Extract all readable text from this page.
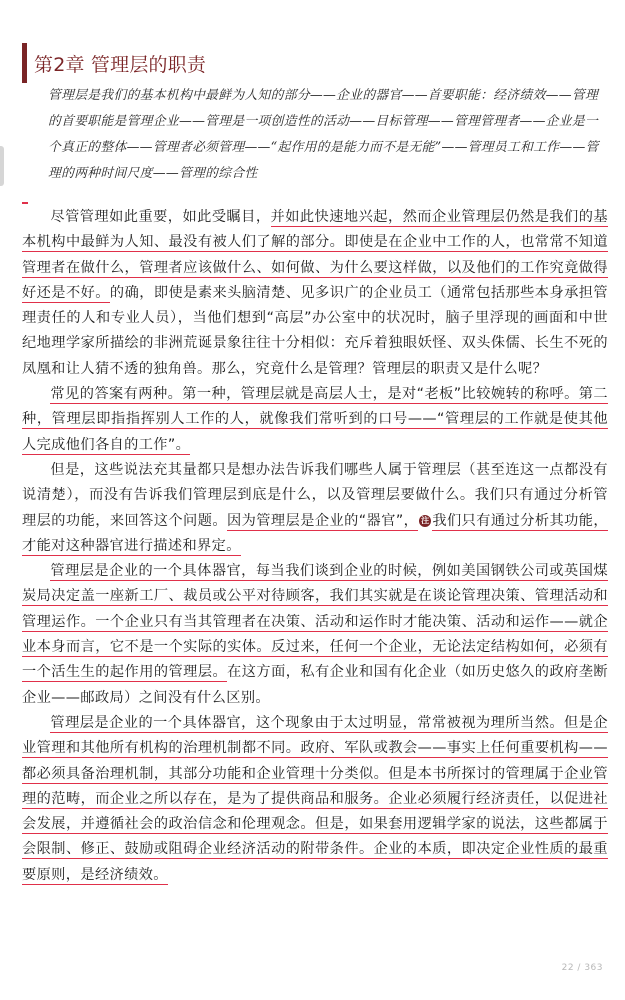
第2章 管理层的职责

管理层是我们的基本机构中最鲜为人知的部分——企业的器官——首要职能：经济绩效——管理的首要职能是管理企业——管理是一项创造性的活动——目标管理——管理管理者——企业是一个真正的整体——管理者必须管理——“起作用的是能力而不是无能”——管理员工和工作——管理的两种时间尺度——管理的综合性

尽管管理如此重要，如此受瞩目，并如此快速地兴起，然而企业管理层仍然是我们的基本机构中最鲜为人知、最没有被人们了解的部分。即使是在企业中工作的人，也常常不知道管理者在做什么，管理者应该做什么、如何做、为什么要这样做，以及他们的工作究竟做得好还是不好。的确，即使是素来头脑清楚、见多识广的企业员工（通常包括那些本身承担管理责任的人和专业人员），当他们想到“高层”办公室中的状况时，脑子里浮现的画面和中世纪地理学家所描绘的非洲荒诞景象往往十分相似：充斥着独眼妖怪、双头侏儒、长生不死的凤凰和让人猜不透的独角兽。那么，究竟什么是管理？管理层的职责又是什么呢？

常见的答案有两种。第一种，管理层就是高层人士，是对“老板”比较婉转的称呼。第二种，管理层即指指挥别人工作的人，就像我们常听到的口号——“管理层的工作就是使其他人完成他们各自的工作”。

但是，这些说法充其量都只是想办法告诉我们哪些人属于管理层（甚至连这一点都没有说清楚），而没有告诉我们管理层到底是什么，以及管理层要做什么。我们只有通过分析管理层的功能，来回答这个问题。因为管理层是企业的“器官”， 注 我们只有通过分析其功能，才能对这种器官进行描述和界定。

管理层是企业的一个具体器官，每当我们谈到企业的时候，例如美国钢铁公司或英国煤炭局决定盖一座新工厂、裁员或公平对待顾客，我们其实就是在谈论管理决策、管理活动和管理运作。一个企业只有当其管理者在决策、活动和运作时才能决策、活动和运作——就企业本身而言，它不是一个实际的实体。反过来，任何一个企业，无论法定结构如何，必须有一个活生生的起作用的管理层。在这方面，私有企业和国有化企业（如历史悠久的政府垄断企业——邮政局）之间没有什么区别。

管理层是企业的一个具体器官，这个现象由于太过明显，常常被视为理所当然。但是企业管理和其他所有机构的治理机制都不同。政府、军队或教会——事实上任何重要机构——都必须具备治理机制，其部分功能和企业管理十分类似。但是本书所探讨的管理属于企业管理的范畴，而企业之所以存在，是为了提供商品和服务。企业必须履行经济责任，以促进社会发展，并遵循社会的政治信念和伦理观念。但是，如果套用逻辑学家的说法，这些都属于会限制、修正、鼓励或阻碍企业经济活动的附带条件。企业的本质，即决定企业性质的最重要原则，是经济绩效。

22 / 363
